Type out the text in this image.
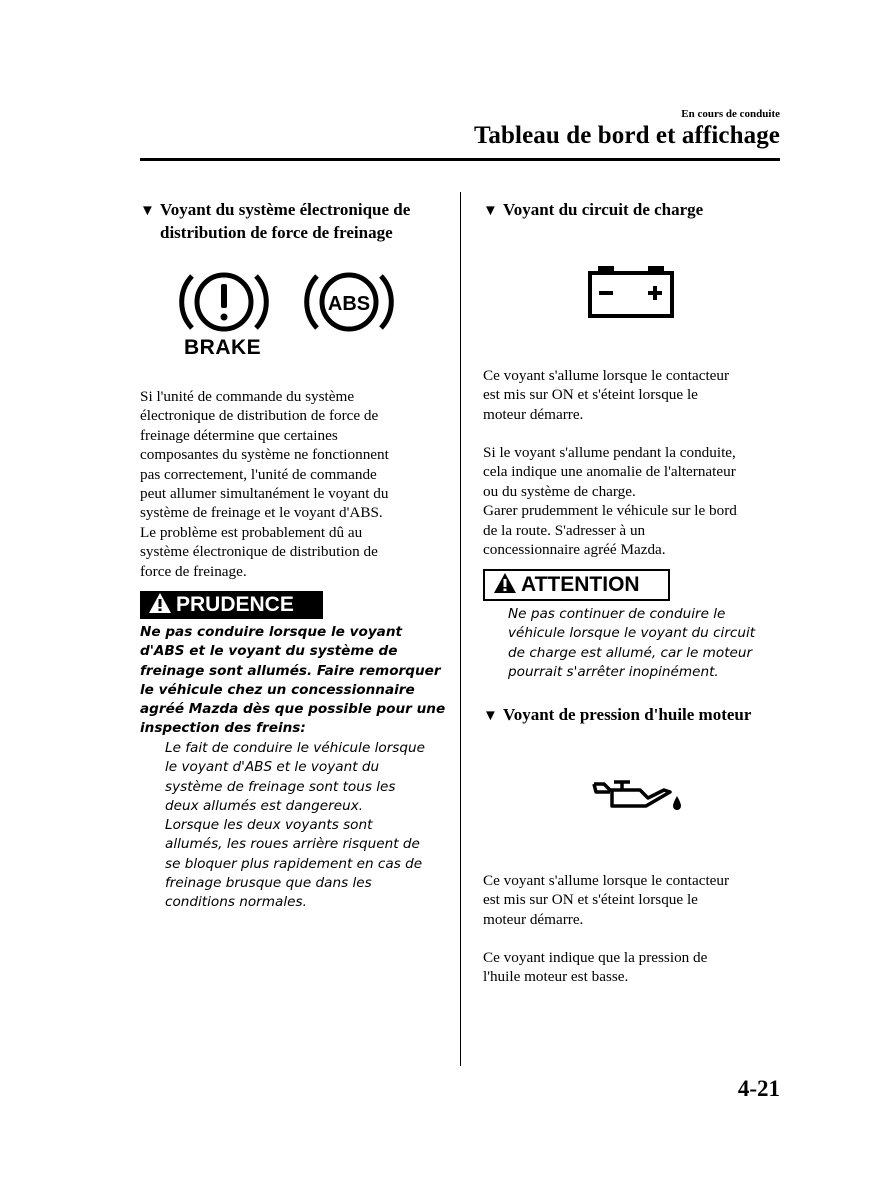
En cours de conduite
Tableau de bord et affichage
▼ Voyant du système électronique de
distribution de force de freinage
ABS
BRAKE
Si l'unité de commande du système
électronique de distribution de force de
freinage détermine que certaines
composantes du système ne fonctionnent
pas correctement, l'unité de commande
peut allumer simultanément le voyant du
système de freinage et le voyant d'ABS.
Le problème est probablement dû au
système électronique de distribution de
force de freinage.
PRUDENCE
Ne pas conduire lorsque le voyant
d'ABS et le voyant du système de
freinage sont allumés. Faire remorquer
le véhicule chez un concessionnaire
agréé Mazda dès que possible pour une
inspection des freins:
Le fait de conduire le véhicule lorsque
le voyant d'ABS et le voyant du
système de freinage sont tous les
deux allumés est dangereux.
Lorsque les deux voyants sont
allumés, les roues arrière risquent de
se bloquer plus rapidement en cas de
freinage brusque que dans les
conditions normales.
▼ Voyant du circuit de charge
Ce voyant s'allume lorsque le contacteur
est mis sur ON et s'éteint lorsque le
moteur démarre.
Si le voyant s'allume pendant la conduite,
cela indique une anomalie de l'alternateur
ou du système de charge.
Garer prudemment le véhicule sur le bord
de la route. S'adresser à un
concessionnaire agréé Mazda.
ATTENTION
Ne pas continuer de conduire le
véhicule lorsque le voyant du circuit
de charge est allumé, car le moteur
pourrait s'arrêter inopinément.
▼ Voyant de pression d'huile moteur
Ce voyant s'allume lorsque le contacteur
est mis sur ON et s'éteint lorsque le
moteur démarre.
Ce voyant indique que la pression de
l'huile moteur est basse.
4-21
